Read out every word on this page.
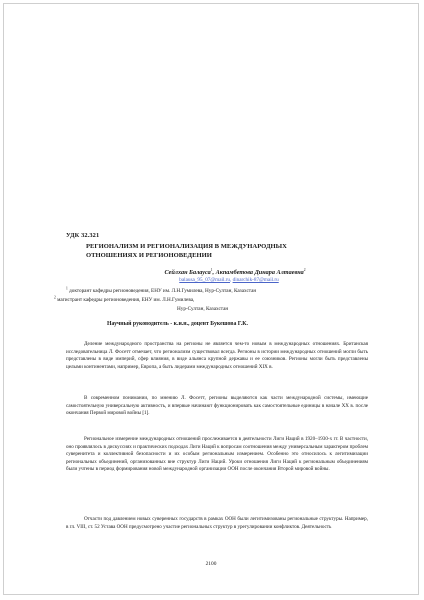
УДК 32.321
РЕГИОНАЛИЗМ И РЕГИОНАЛИЗАЦИЯ В МЕЖДУНАРОДНЫХ
ОТНОШЕНИЯХ И РЕГИОНОВЕДЕНИИ
Сейлхан Балауса$^1$, Акпамбетова Динара Алтаевна$^2$
balausa_95_07@mail.ru, dinarchik-87@mail.ru
$^1$ докторант кафедры регионоведения, ЕНУ им. Л.Н.Гумилева, Нур-Султан, Казахстан
$^2$ магистрант кафедры регионоведения, ЕНУ им. Л.Н.Гумилева,
Нур-Султан, Казахстан
Научный руководитель - к.и.н., доцент Букешова Г.К.

Деление международного пространства на регионы не является чем-то новым в международных отношениях. Британская исследовательница Л. Фосетт отмечает, что регионализм существовал всегда. Регионы в истории международных отношений могли быть представлены в виде империй, сфер влияния, в виде альянса крупной державы и ее союзников. Регионы могли быть представлены целыми континентами, например, Европа, а быть лидерами международных отношений XIX в.

В современном понимании, по мнению Л. Фосетт, регионы выделяются как части международной системы, имеющие самостоятельную универсальную активность, и впервые начинают функционировать как самостоятельные единицы в начале XX в. после окончания Первой мировой войны [1].

Региональное измерение международных отношений прослеживается в деятельности Лиги Наций в 1920–1930-х гг. В частности, оно проявлялось в дискуссиях и практических подходах Лиги Наций к вопросам соотношения между универсальным характером проблем суверенитета и коллективной безопасности и их особым региональным измерением. Особенно это относилось к легитимизации региональных объединений, организованных вне структур Лиги Наций. Уроки отношения Лиги Наций к региональным объединениям были учтены в период формирования новой международной организации ООН после окончания Второй мировой войны.

Отчасти под давлением новых суверенных государств в рамках ООН были легитимизованы региональные структуры. Например, в гл. VIII, ст. 52 Устава ООН предусмотрено участие региональных структур в урегулировании конфликтов. Деятельность

2100
